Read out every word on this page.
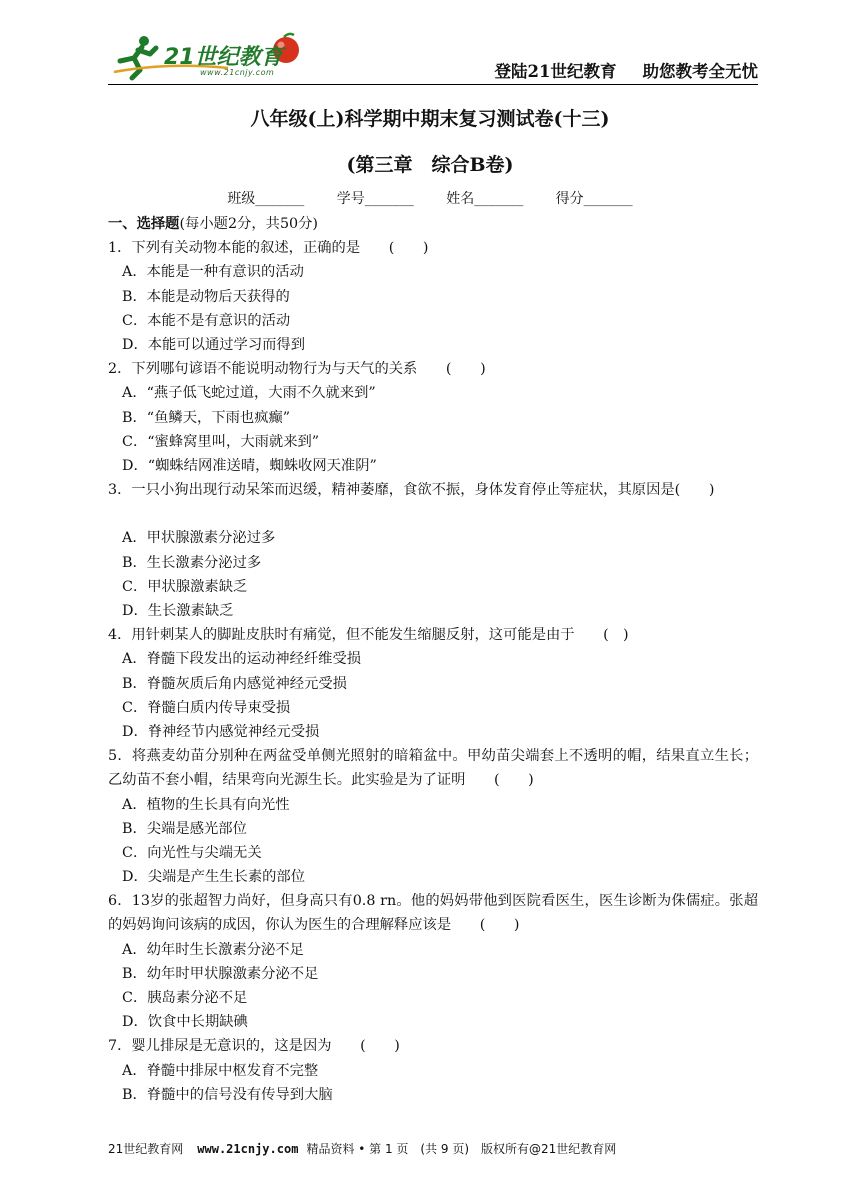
21世纪教育
www.21cnjy.com	登陆21世纪教育 助您教考全无忧
八年级(上)科学期中期末复习测试卷(十三)
(第三章　综合B卷)
班级_______ 学号_______ 姓名_______ 得分_______
一、选择题(每小题2分，共50分)
1．下列有关动物本能的叙述，正确的是　　(　　)
A．本能是一种有意识的活动
B．本能是动物后天获得的
C．本能不是有意识的活动
D．本能可以通过学习而得到
2．下列哪句谚语不能说明动物行为与天气的关系　　(　　)
A．“燕子低飞蛇过道，大雨不久就来到”
B．“鱼鳞天，下雨也疯癫”
C．“蜜蜂窝里叫，大雨就来到”
D．“蜘蛛结网准送晴，蜘蛛收网天准阴”
3．一只小狗出现行动呆笨而迟缓，精神萎靡，食欲不振，身体发育停止等症状，其原因是(　　)
A．甲状腺激素分泌过多
B．生长激素分泌过多
C．甲状腺激素缺乏
D．生长激素缺乏
4．用针刺某人的脚趾皮肤时有痛觉，但不能发生缩腿反射，这可能是由于　　(　)
A．脊髓下段发出的运动神经纤维受损
B．脊髓灰质后角内感觉神经元受损
C．脊髓白质内传导束受损
D．脊神经节内感觉神经元受损
5．将燕麦幼苗分别种在两盆受单侧光照射的暗箱盆中。甲幼苗尖端套上不透明的帽，结果直立生长；乙幼苗不套小帽，结果弯向光源生长。此实验是为了证明　　(　　)
A．植物的生长具有向光性
B．尖端是感光部位
C．向光性与尖端无关
D．尖端是产生生长素的部位
6．13岁的张超智力尚好，但身高只有0.8 rn。他的妈妈带他到医院看医生，医生诊断为侏儒症。张超的妈妈询问该病的成因，你认为医生的合理解释应该是　　(　　)
A．幼年时生长激素分泌不足
B．幼年时甲状腺激素分泌不足
C．胰岛素分泌不足
D．饮食中长期缺碘
7．婴儿排尿是无意识的，这是因为　　(　　)
A．脊髓中排尿中枢发育不完整
B．脊髓中的信号没有传导到大脑
21世纪教育网 www.21cnjy.com 精品资料 • 第 1 页　(共 9 页)　版权所有@21世纪教育网
